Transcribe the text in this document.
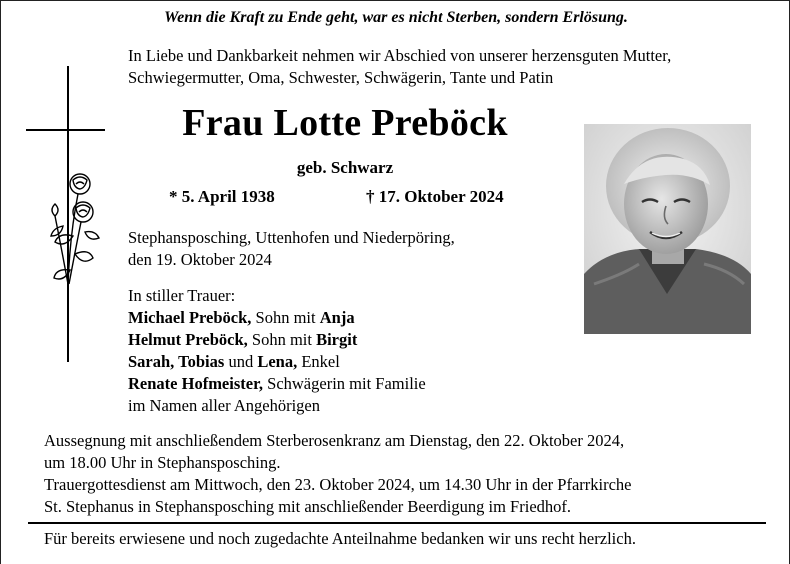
Wenn die Kraft zu Ende geht, war es nicht Sterben, sondern Erlösung.
In Liebe und Dankbarkeit nehmen wir Abschied von unserer herzensguten Mutter,
Schwiegermutter, Oma, Schwester, Schwägerin, Tante und Patin
Frau Lotte Preböck
geb. Schwarz
* 5. April 1938	† 17. Oktober 2024
Stephansposching, Uttenhofen und Niederpöring,
den 19. Oktober 2024
In stiller Trauer:
Michael Preböck, Sohn mit Anja
Helmut Preböck, Sohn mit Birgit
Sarah, Tobias und Lena, Enkel
Renate Hofmeister, Schwägerin mit Familie
im Namen aller Angehörigen
Aussegnung mit anschließendem Sterberosenkranz am Dienstag, den 22. Oktober 2024,
um 18.00 Uhr in Stephansposching.
Trauergottesdienst am Mittwoch, den 23. Oktober 2024, um 14.30 Uhr in der Pfarrkirche
St. Stephanus in Stephansposching mit anschließender Beerdigung im Friedhof.
Für bereits erwiesene und noch zugedachte Anteilnahme bedanken wir uns recht herzlich.
